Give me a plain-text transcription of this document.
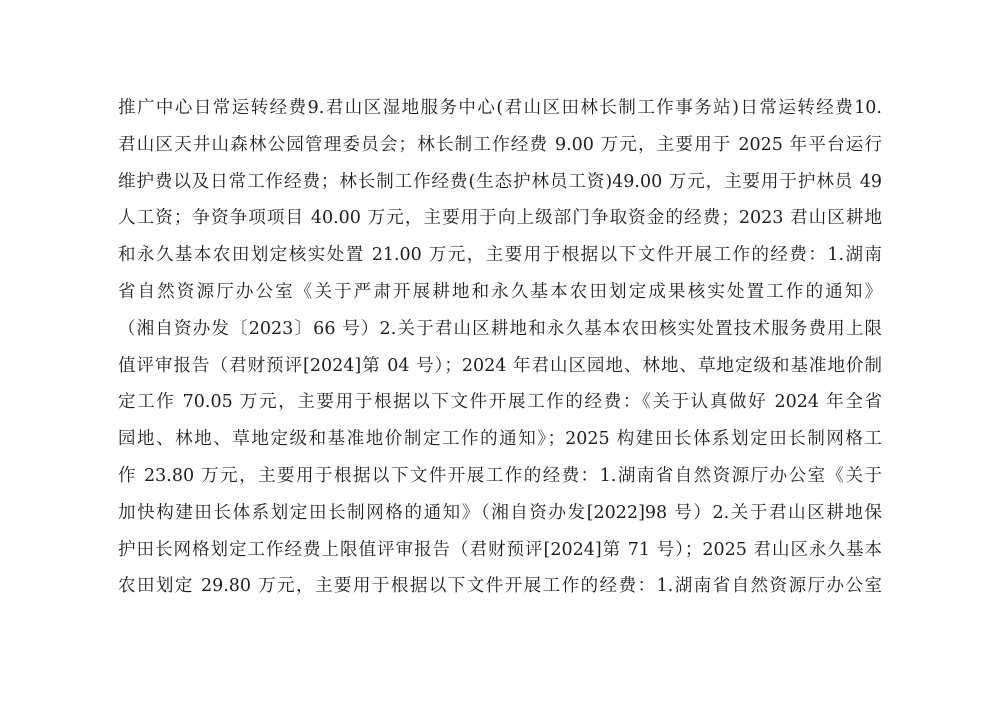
推广中心日常运转经费9.君山区湿地服务中心(君山区田林长制工作事务站)日常运转经费10.
君山区天井山森林公园管理委员会；林长制工作经费 9.00 万元，主要用于 2025 年平台运行
维护费以及日常工作经费；林长制工作经费(生态护林员工资)49.00 万元，主要用于护林员 49
人工资；争资争项项目 40.00 万元，主要用于向上级部门争取资金的经费；2023 君山区耕地
和永久基本农田划定核实处置 21.00 万元，主要用于根据以下文件开展工作的经费：1.湖南
省自然资源厅办公室《关于严肃开展耕地和永久基本农田划定成果核实处置工作的通知》
（湘自资办发〔2023〕66 号）2.关于君山区耕地和永久基本农田核实处置技术服务费用上限
值评审报告（君财预评[2024]第 04 号）；2024 年君山区园地、林地、草地定级和基准地价制
定工作 70.05 万元，主要用于根据以下文件开展工作的经费：《关于认真做好 2024 年全省
园地、林地、草地定级和基准地价制定工作的通知》；2025 构建田长体系划定田长制网格工
作 23.80 万元，主要用于根据以下文件开展工作的经费：1.湖南省自然资源厅办公室《关于
加快构建田长体系划定田长制网格的通知》（湘自资办发[2022]98 号）2.关于君山区耕地保
护田长网格划定工作经费上限值评审报告（君财预评[2024]第 71 号）；2025 君山区永久基本
农田划定 29.80 万元，主要用于根据以下文件开展工作的经费：1.湖南省自然资源厅办公室
